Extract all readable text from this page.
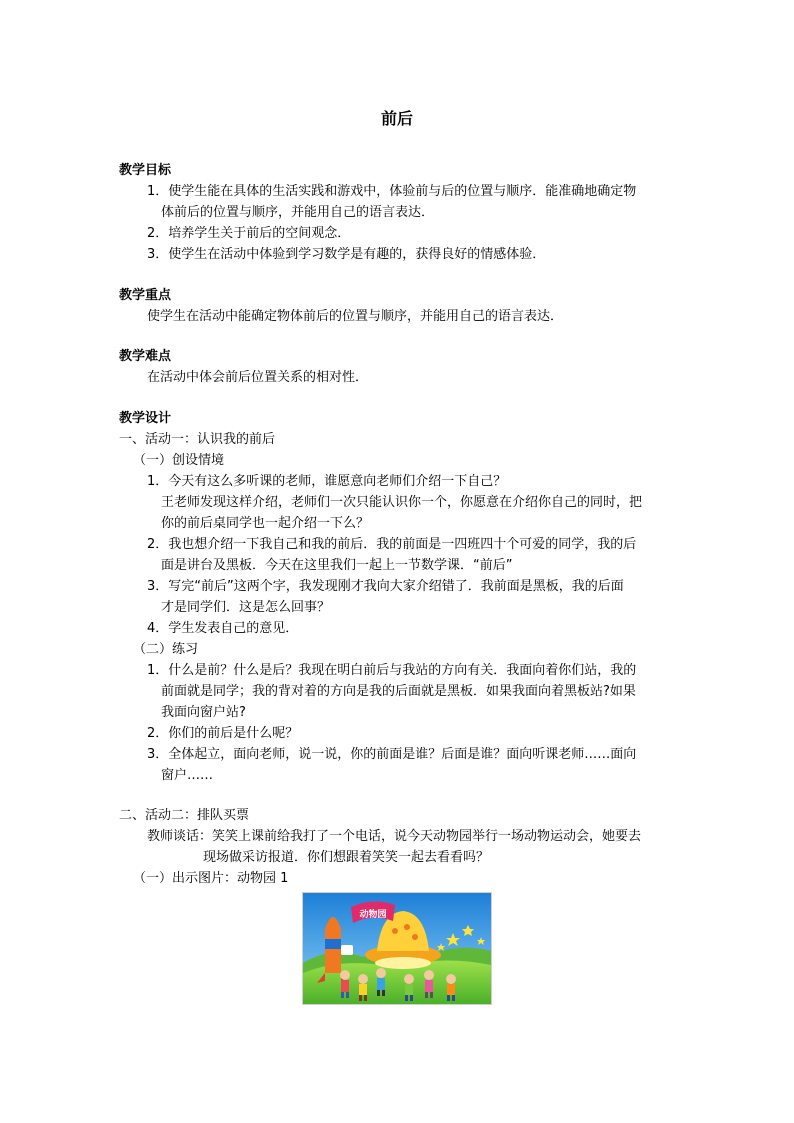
前后
教学目标
1．使学生能在具体的生活实践和游戏中，体验前与后的位置与顺序．能准确地确定物
体前后的位置与顺序，并能用自己的语言表达．
2．培养学生关于前后的空间观念．
3．使学生在活动中体验到学习数学是有趣的，获得良好的情感体验．
教学重点
使学生在活动中能确定物体前后的位置与顺序，并能用自己的语言表达．
教学难点
在活动中体会前后位置关系的相对性．
教学设计
一、活动一：认识我的前后
（一）创设情境
1．今天有这么多听课的老师，谁愿意向老师们介绍一下自己？
王老师发现这样介绍，老师们一次只能认识你一个，你愿意在介绍你自己的同时，把
你的前后桌同学也一起介绍一下么？
2．我也想介绍一下我自己和我的前后．我的前面是一四班四十个可爱的同学，我的后
面是讲台及黑板．今天在这里我们一起上一节数学课．“前后”
3．写完“前后”这两个字，我发现刚才我向大家介绍错了．我前面是黑板，我的后面
才是同学们．这是怎么回事？
4．学生发表自己的意见．
（二）练习
1．什么是前？什么是后？我现在明白前后与我站的方向有关．我面向着你们站，我的
前面就是同学；我的背对着的方向是我的后面就是黑板．如果我面向着黑板站?如果
我面向窗户站?
2．你们的前后是什么呢？
3．全体起立，面向老师，说一说，你的前面是谁？后面是谁？面向听课老师……面向
窗户……
二、活动二：排队买票
教师谈话：笑笑上课前给我打了一个电话，说今天动物园举行一场动物运动会，她要去
现场做采访报道．你们想跟着笑笑一起去看看吗？
（一）出示图片：动物园 1
动物园
